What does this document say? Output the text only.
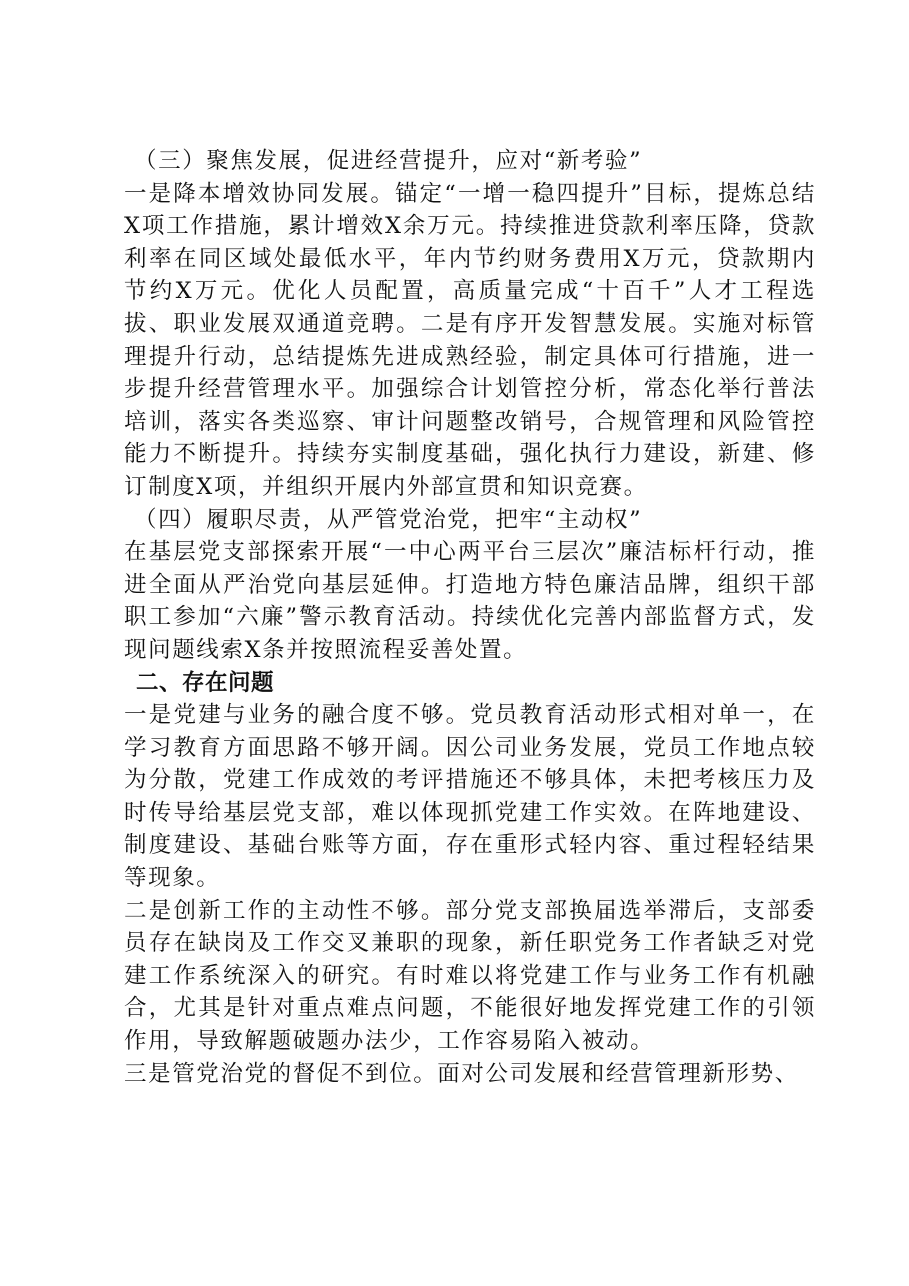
（三）聚焦发展，促进经营提升，应对“新考验”

一是降本增效协同发展。锚定“一增一稳四提升”目标，提炼总结X项工作措施，累计增效X余万元。持续推进贷款利率压降，贷款利率在同区域处最低水平，年内节约财务费用X万元，贷款期内节约X万元。优化人员配置，高质量完成“十百千”人才工程选拔、职业发展双通道竞聘。二是有序开发智慧发展。实施对标管理提升行动，总结提炼先进成熟经验，制定具体可行措施，进一步提升经营管理水平。加强综合计划管控分析，常态化举行普法培训，落实各类巡察、审计问题整改销号，合规管理和风险管控能力不断提升。持续夯实制度基础，强化执行力建设，新建、修订制度X项，并组织开展内外部宣贯和知识竞赛。

（四）履职尽责，从严管党治党，把牢“主动权”

在基层党支部探索开展“一中心两平台三层次”廉洁标杆行动，推进全面从严治党向基层延伸。打造地方特色廉洁品牌，组织干部职工参加“六廉”警示教育活动。持续优化完善内部监督方式，发现问题线索X条并按照流程妥善处置。

二、存在问题

一是党建与业务的融合度不够。党员教育活动形式相对单一，在学习教育方面思路不够开阔。因公司业务发展，党员工作地点较为分散，党建工作成效的考评措施还不够具体，未把考核压力及时传导给基层党支部，难以体现抓党建工作实效。在阵地建设、制度建设、基础台账等方面，存在重形式轻内容、重过程轻结果等现象。

二是创新工作的主动性不够。部分党支部换届选举滞后，支部委员存在缺岗及工作交叉兼职的现象，新任职党务工作者缺乏对党建工作系统深入的研究。有时难以将党建工作与业务工作有机融合，尤其是针对重点难点问题，不能很好地发挥党建工作的引领作用，导致解题破题办法少，工作容易陷入被动。

三是管党治党的督促不到位。面对公司发展和经营管理新形势、
